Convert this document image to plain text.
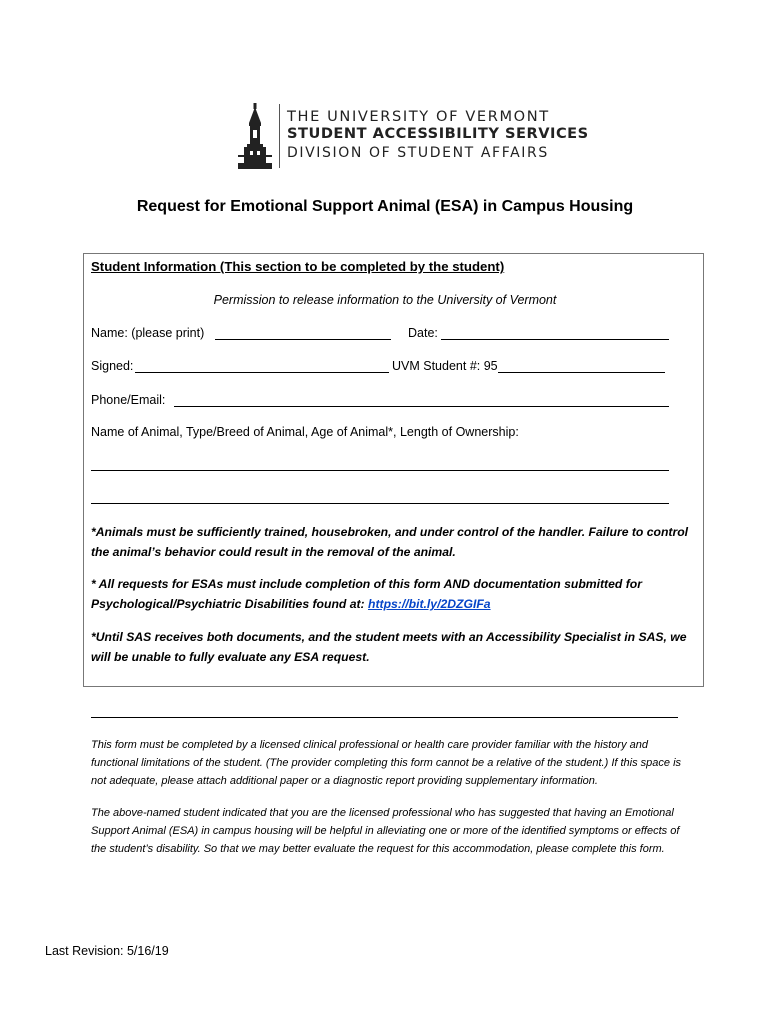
THE UNIVERSITY OF VERMONT
STUDENT ACCESSIBILITY SERVICES
DIVISION OF STUDENT AFFAIRS
Request for Emotional Support Animal (ESA) in Campus Housing
Student Information (This section to be completed by the student)
Permission to release information to the University of Vermont
Name: (please print)	Date:
Signed:	UVM Student #: 95
Phone/Email:
Name of Animal, Type/Breed of Animal, Age of Animal*, Length of Ownership:
*Animals must be sufficiently trained, housebroken, and under control of the handler. Failure to control the animal’s behavior could result in the removal of the animal.
* All requests for ESAs must include completion of this form AND documentation submitted for Psychological/Psychiatric Disabilities found at: https://bit.ly/2DZGIFa
*Until SAS receives both documents, and the student meets with an Accessibility Specialist in SAS, we will be unable to fully evaluate any ESA request.
This form must be completed by a licensed clinical professional or health care provider familiar with the history and functional limitations of the student. (The provider completing this form cannot be a relative of the student.) If this space is not adequate, please attach additional paper or a diagnostic report providing supplementary information.
The above-named student indicated that you are the licensed professional who has suggested that having an Emotional Support Animal (ESA) in campus housing will be helpful in alleviating one or more of the identified symptoms or effects of the student’s disability. So that we may better evaluate the request for this accommodation, please complete this form.
Last Revision: 5/16/19
